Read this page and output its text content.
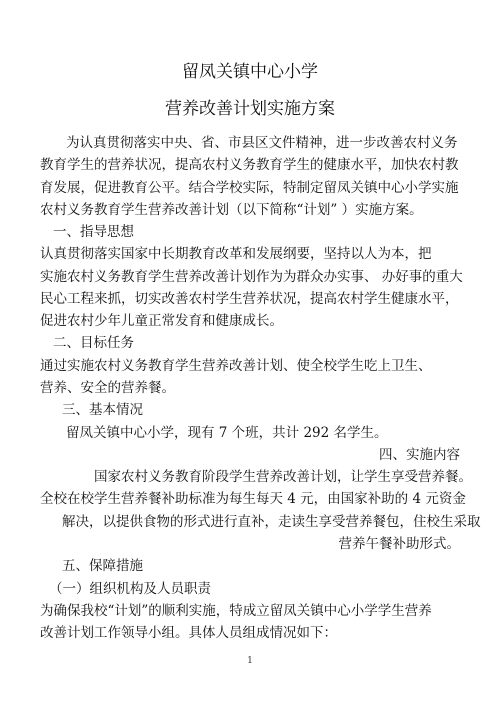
留凤关镇中心小学
营养改善计划实施方案
为认真贯彻落实中央、省、市县区文件精神，进一步改善农村义务
教育学生的营养状况，提高农村义务教育学生的健康水平，加快农村教
育发展，促进教育公平。结合学校实际，特制定留凤关镇中心小学实施
农村义务教育学生营养改善计划（以下简称“计划” ）实施方案。
一、指导思想
认真贯彻落实国家中长期教育改革和发展纲要，坚持以人为本，把
实施农村义务教育学生营养改善计划作为为群众办实事、 办好事的重大
民心工程来抓，切实改善农村学生营养状况，提高农村学生健康水平，
促进农村少年儿童正常发育和健康成长。
二、目标任务
通过实施农村义务教育学生营养改善计划、使全校学生吃上卫生、
营养、安全的营养餐。
三、基本情况
留凤关镇中心小学，现有 7 个班，共计 292 名学生。
四、实施内容
国家农村义务教育阶段学生营养改善计划，让学生享受营养餐。
全校在校学生营养餐补助标准为每生每天 4 元，由国家补助的 4 元资金
解决，以提供食物的形式进行直补，走读生享受营养餐包，住校生采取
营养午餐补助形式。
五、保障措施
（一）组织机构及人员职责
为确保我校“计划”的顺利实施，特成立留凤关镇中心小学学生营养
改善计划工作领导小组。具体人员组成情况如下：
1
